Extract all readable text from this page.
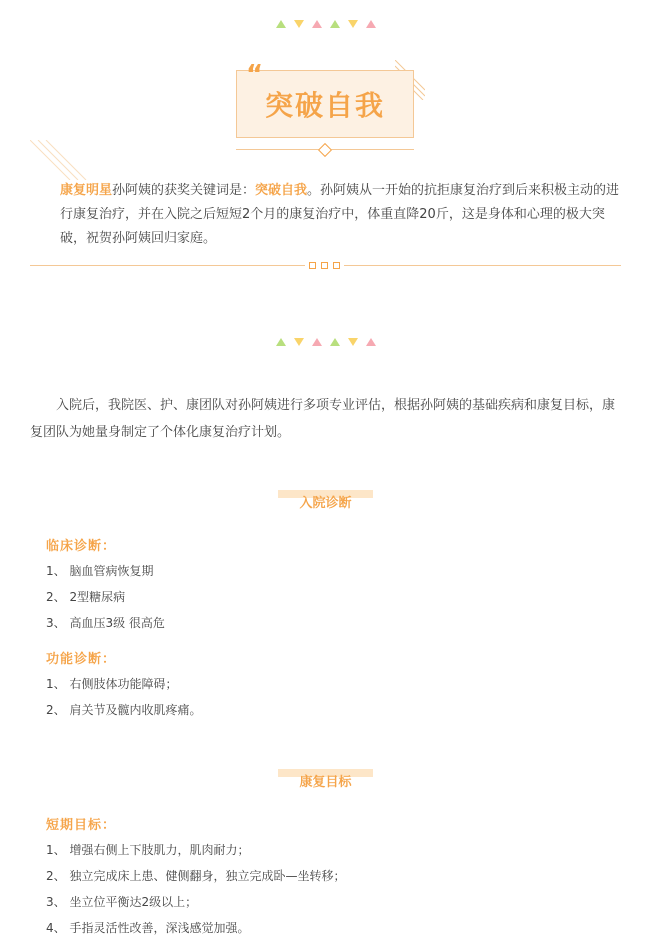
突破自我
“
康复明星孙阿姨的获奖关键词是：突破自我。孙阿姨从一开始的抗拒康复治疗到后来积极主动的进行康复治疗，并在入院之后短短2个月的康复治疗中，体重直降20斤，这是身体和心理的极大突破，祝贺孙阿姨回归家庭。
入院后，我院医、护、康团队对孙阿姨进行多项专业评估，根据孙阿姨的基础疾病和康复目标，康复团队为她量身制定了个体化康复治疗计划。
入院诊断
临床诊断：
1、 脑血管病恢复期
2、 2型糖尿病
3、 高血压3级 很高危
功能诊断：
1、 右侧肢体功能障碍；
2、 肩关节及髋内收肌疼痛。
康复目标
短期目标：
1、 增强右侧上下肢肌力，肌肉耐力；
2、 独立完成床上患、健侧翻身，独立完成卧—坐转移；
3、 坐立位平衡达2级以上；
4、 手指灵活性改善，深浅感觉加强。
